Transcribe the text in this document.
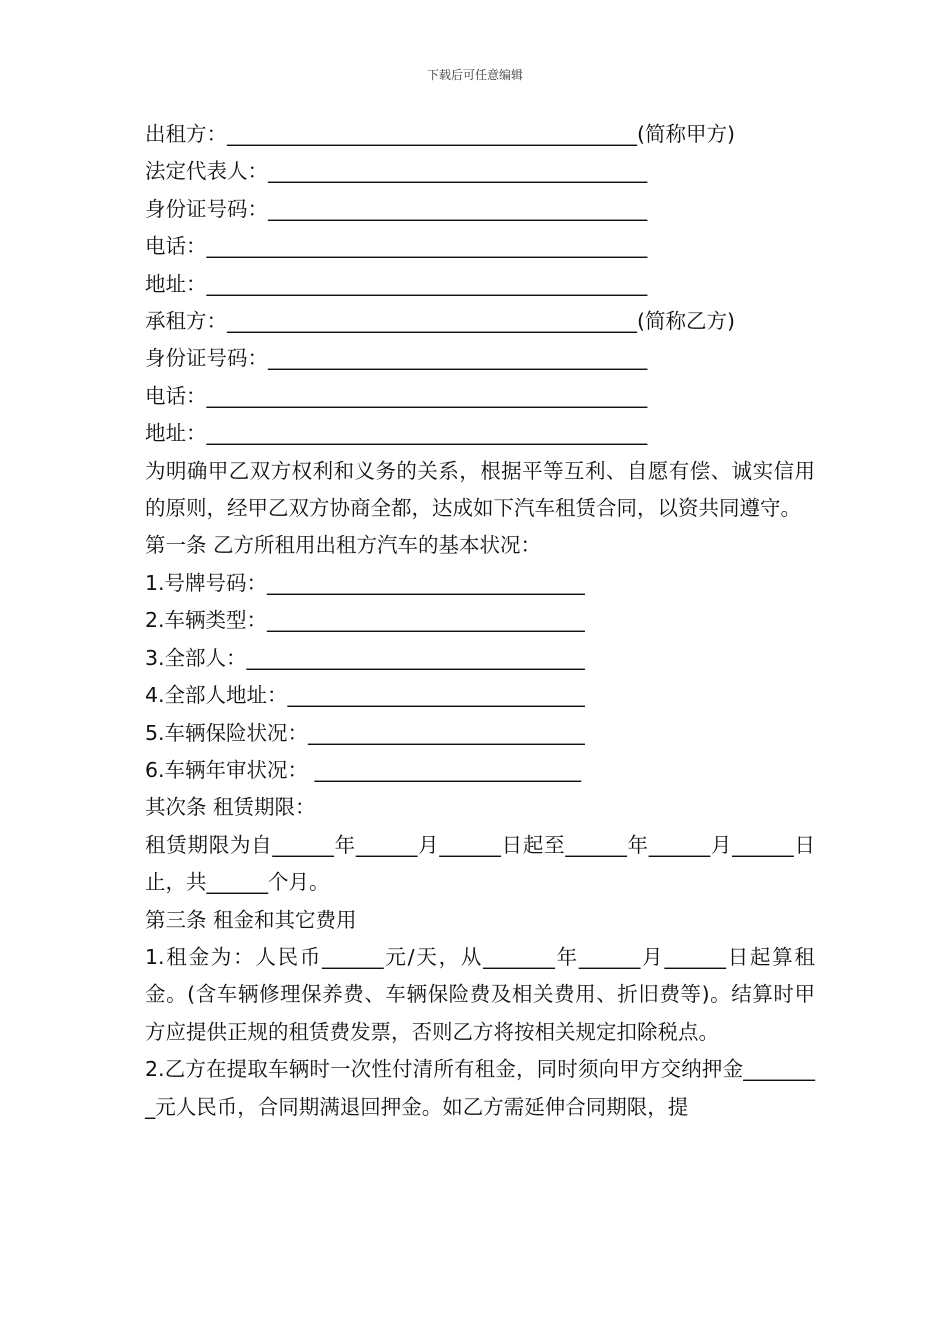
下载后可任意编辑
出租方：________________________________________(简称甲方)
法定代表人：_____________________________________
身份证号码：_____________________________________
电话：___________________________________________
地址：___________________________________________
承租方：________________________________________(简称乙方)
身份证号码：_____________________________________
电话：___________________________________________
地址：___________________________________________
为明确甲乙双方权利和义务的关系，根据平等互利、自愿有偿、诚实信用的原则，经甲乙双方协商全都，达成如下汽车租赁合同，以资共同遵守。
第一条 乙方所租用出租方汽车的基本状况：
1.号牌号码：_______________________________
2.车辆类型：_______________________________
3.全部人：_________________________________
4.全部人地址：_____________________________
5.车辆保险状况：___________________________
6.车辆年审状况： __________________________
其次条 租赁期限：
租赁期限为自______年______月______日起至______年______月______日止，共______个月。
第三条 租金和其它费用
1.租金为：人民币______元/天，从_______年______月______日起算租金。(含车辆修理保养费、车辆保险费及相关费用、折旧费等)。结算时甲方应提供正规的租赁费发票，否则乙方将按相关规定扣除税点。
2.乙方在提取车辆时一次性付清所有租金，同时须向甲方交纳押金________元人民币，合同期满退回押金。如乙方需延伸合同期限，提
